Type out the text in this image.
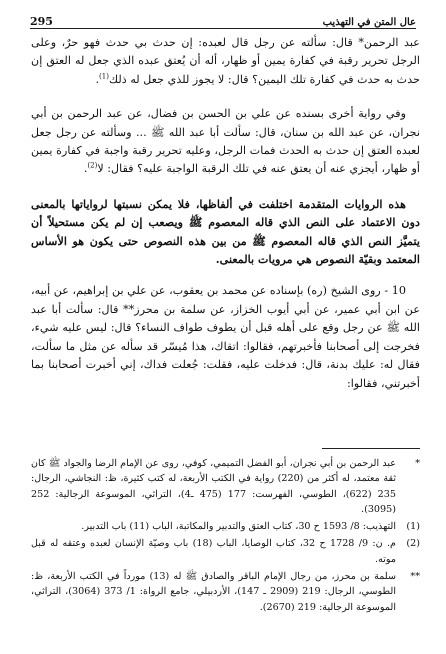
عال المتن في التهذيب
295

عبد الرحمن* قال: سألته عن رجل قال لعبده: إن حدث بي حدث فهو حرٌ، وعلى الرجل تحرير رقبة في كفارة يمين أو ظهار، أله أن يُعتق عبده الذي جعل له العتق إن حدث به حدث في كفارة تلك اليمين؟ قال: لا يجوز للذي جعل له ذلك$^{(1)}$.

وفي رواية أخرى بسنده عن علي بن الحسن بن فضال، عن عبد الرحمن بن أبي نجران، عن عبد الله بن سنان، قال: سألت أبا عبد الله ﷺ ... وسألته عن رجل جعل لعبده العتق إن حدث به الحدث فمات الرجل، وعليه تحرير رقبة واجبة في كفارة يمين أو ظهار، أيجزي عنه أن يعتق عنه في تلك الرقبة الواجبة عليه؟ فقال: لا$^{(2)}$.

هذه الروايات المتقدمة اختلفت في ألفاظها، فلا يمكن نسبتها لرواياتها بالمعنى دون الاعتماد على النص الذي قاله المعصوم ﷺ ويصعب إن لم يكن مستحيلاً أن يتميَّز النص الذي قاله المعصوم ﷺ من بين هذه النصوص حتى يكون هو الأساس المعتمد وبقيّة النصوص هي مرويات بالمعنى.

10 - روى الشيخ (ره) بإسناده عن محمد بن يعقوب، عن علي بن إبراهيم، عن أبيه، عن ابن أبي عمير، عن أبي أيوب الخزاز، عن سلمة بن محرز** قال: سألت أبا عبد الله ﷺ عن رجل وقع على أهله قبل أن يطوف طواف النساء؟ قال: ليس عليه شيء، فخرجت إلى أصحابنا فأخبرتهم، فقالوا: اتقاك، هذا مُيسّر قد سأله عن مثل ما سألت، فقال له: عليك بدنة، قال: فدخلت عليه، فقلت: جُعلت فداك، إني أخبرت أصحابنا بما أخبرتني، فقالوا:

*
عبد الرحمن بن أبي نجران، أبو الفضل التميمي، كوفي، روى عن الإمام الرضا والجواد ﷺ كان ثقة معتمد، له أكثر من (220) رواية في الكتب الأربعة، له كتب كثيرة، ظ: النجاشي، الرجال: 235 (622)، الطوسي، الفهرست: 177 (475 ـ4)، التراثي، الموسوعة الرجالية: 252 (3095).
(1)
التهذيب: 8/ 1593 ح 30، كتاب العتق والتدبير والمكاتبة، الباب (11) باب التدبير.
(2)
م. ن: 9/ 1728 ح 32، كتاب الوصايا، الباب (18) باب وصيّة الإنسان لعبده وعتقه له قبل موته.
**
سلمة بن محرز، من رجال الإمام الباقر والصادق ﷺ له (13) مورداً في الكتب الأربعة، ظ: الطوسي، الرجال: 219 (2909 ـ 147)، الأردبيلي، جامع الرواة: 1/ 373 (3064)، التراثي، الموسوعة الرجالية: 219 (2670).
